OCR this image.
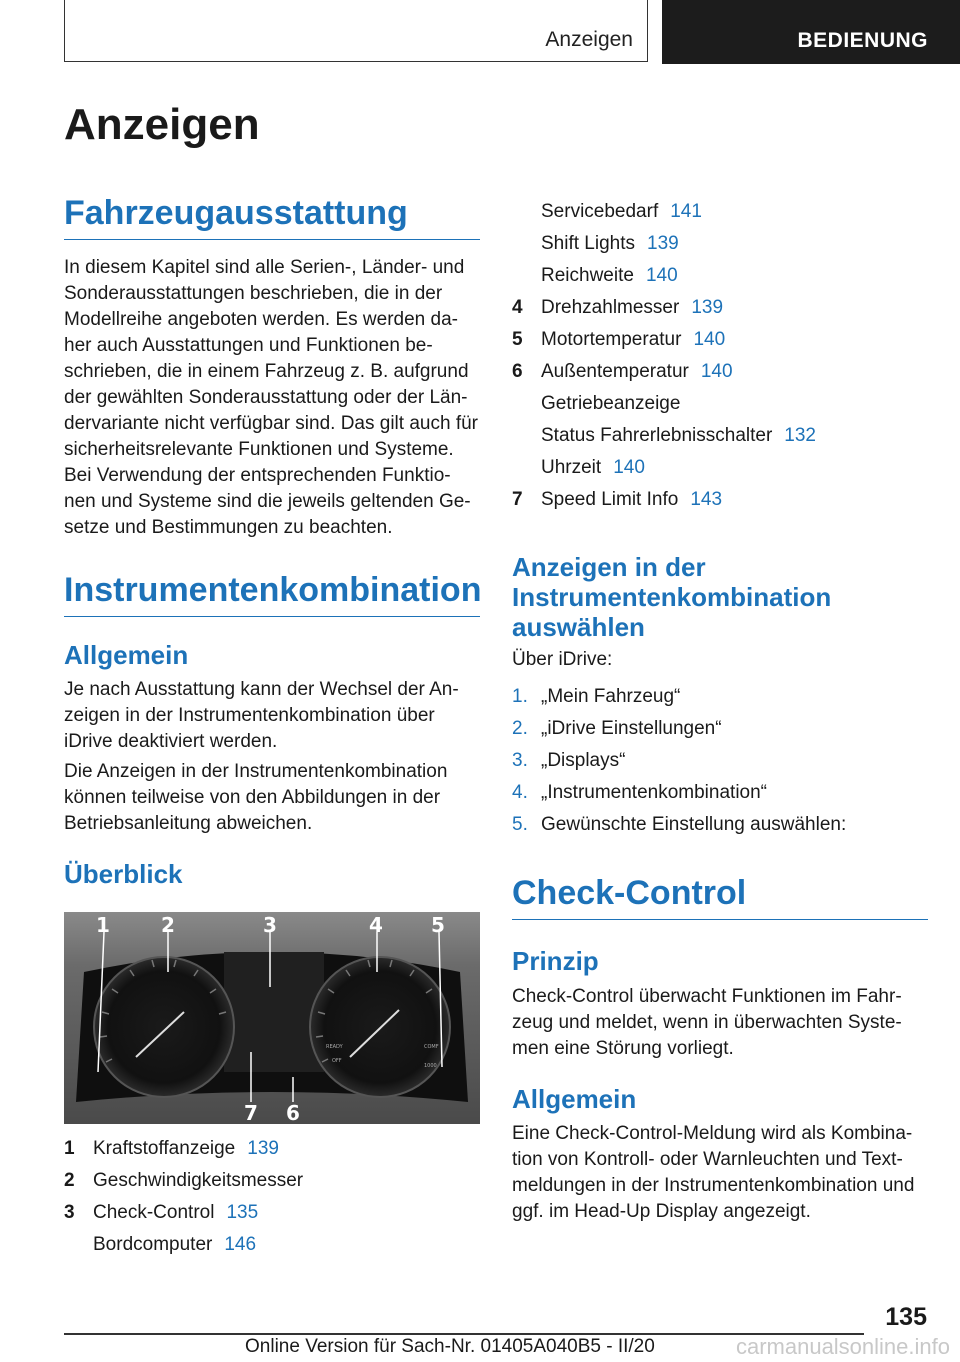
Anzeigen	BEDIENUNG
Anzeigen
Fahrzeugausstattung
In diesem Kapitel sind alle Serien-, Länder- und
Sonderausstattungen beschrieben, die in der
Modellreihe angeboten werden. Es werden da-
her auch Ausstattungen und Funktionen be-
schrieben, die in einem Fahrzeug z. B. aufgrund
der gewählten Sonderausstattung oder der Län-
dervariante nicht verfügbar sind. Das gilt auch für
sicherheitsrelevante Funktionen und Systeme.
Bei Verwendung der entsprechenden Funktio-
nen und Systeme sind die jeweils geltenden Ge-
setze und Bestimmungen zu beachten.
Instrumentenkombination
Allgemein
Je nach Ausstattung kann der Wechsel der An-
zeigen in der Instrumentenkombination über
iDrive deaktiviert werden.
Die Anzeigen in der Instrumentenkombination
können teilweise von den Abbildungen in der
Betriebsanleitung abweichen.
Überblick
READY
OFF
COMF
1000
1	2	3	4 5
7 6
1 Kraftstoffanzeige 139
2 Geschwindigkeitsmesser
3 Check-Control 135
Bordcomputer 146
Servicebedarf 141
Shift Lights 139
Reichweite 140
4 Drehzahlmesser 139
5 Motortemperatur 140
6 Außentemperatur 140
Getriebeanzeige
Status Fahrerlebnisschalter 132
Uhrzeit 140
7 Speed Limit Info 143
Anzeigen in der
Instrumentenkombination
auswählen
Über iDrive:
1. „Mein Fahrzeug“
2. „iDrive Einstellungen“
3. „Displays“
4. „Instrumentenkombination“
5. Gewünschte Einstellung auswählen:
Check-Control
Prinzip
Check-Control überwacht Funktionen im Fahr-
zeug und meldet, wenn in überwachten Syste-
men eine Störung vorliegt.
Allgemein
Eine Check-Control-Meldung wird als Kombina-
tion von Kontroll- oder Warnleuchten und Text-
meldungen in der Instrumentenkombination und
ggf. im Head-Up Display angezeigt.
135
Online Version für Sach-Nr. 01405A040B5 - II/20	carmanualsonline.info
